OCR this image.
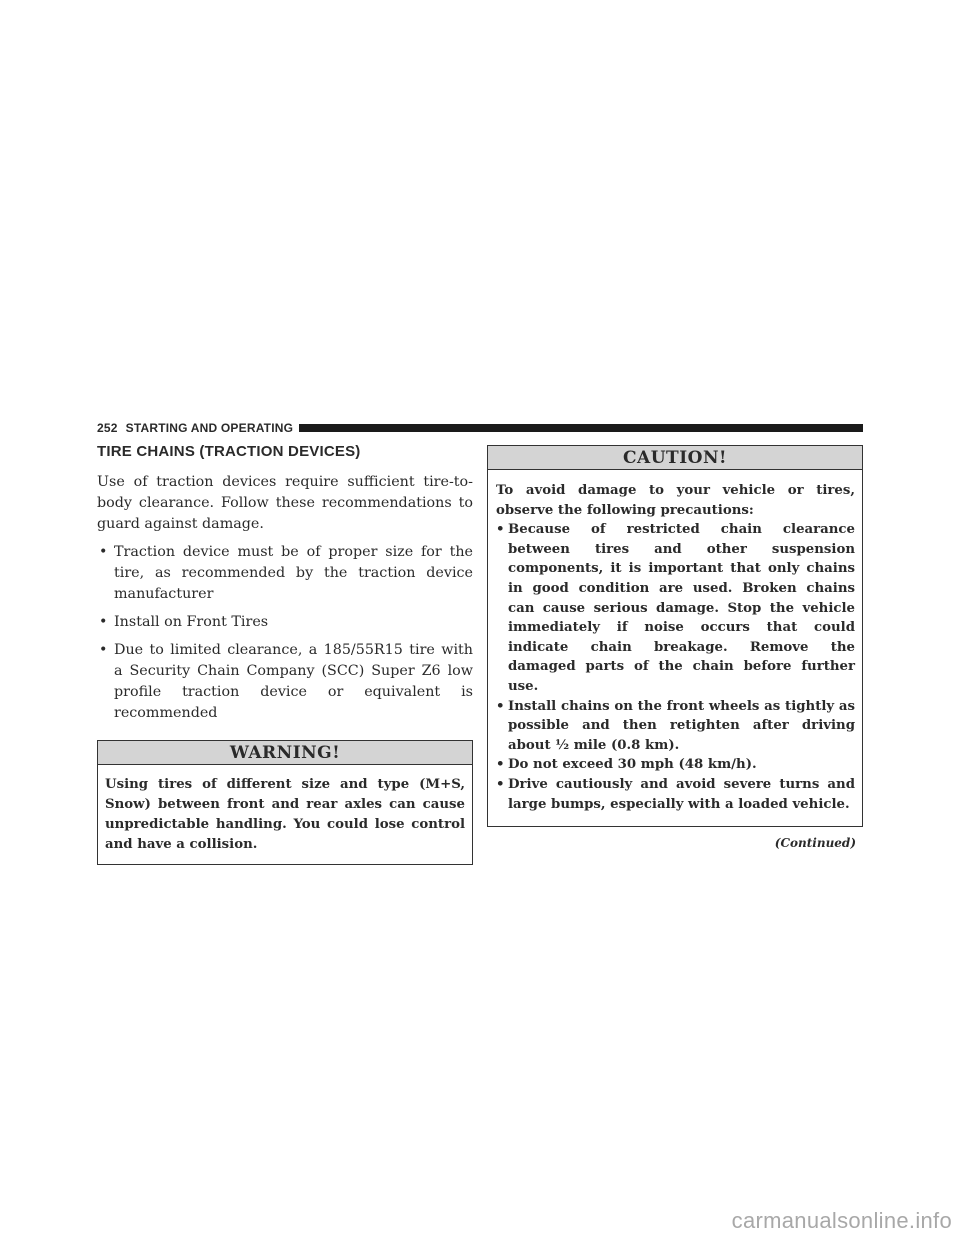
252 STARTING AND OPERATING
TIRE CHAINS (TRACTION DEVICES)

Use of traction devices require sufficient tire-to-body clearance. Follow these recommendations to guard against damage.

• Traction device must be of proper size for the tire, as recommended by the traction device manufacturer
• Install on Front Tires
• Due to limited clearance, a 185/55R15 tire with a Security Chain Company (SCC) Super Z6 low profile traction device or equivalent is recommended
WARNING!

Using tires of different size and type (M+S, Snow) between front and rear axles can cause unpredictable handling. You could lose control and have a collision.

CAUTION!

To avoid damage to your vehicle or tires, observe the following precautions:

• Because of restricted chain clearance between tires and other suspension components, it is important that only chains in good condition are used. Broken chains can cause serious damage. Stop the vehicle immediately if noise occurs that could indicate chain breakage. Remove the damaged parts of the chain before further use.
• Install chains on the front wheels as tightly as possible and then retighten after driving about ½ mile (0.8 km).
• Do not exceed 30 mph (48 km/h).
• Drive cautiously and avoid severe turns and large bumps, especially with a loaded vehicle.
(Continued)
carmanualsonline.info
